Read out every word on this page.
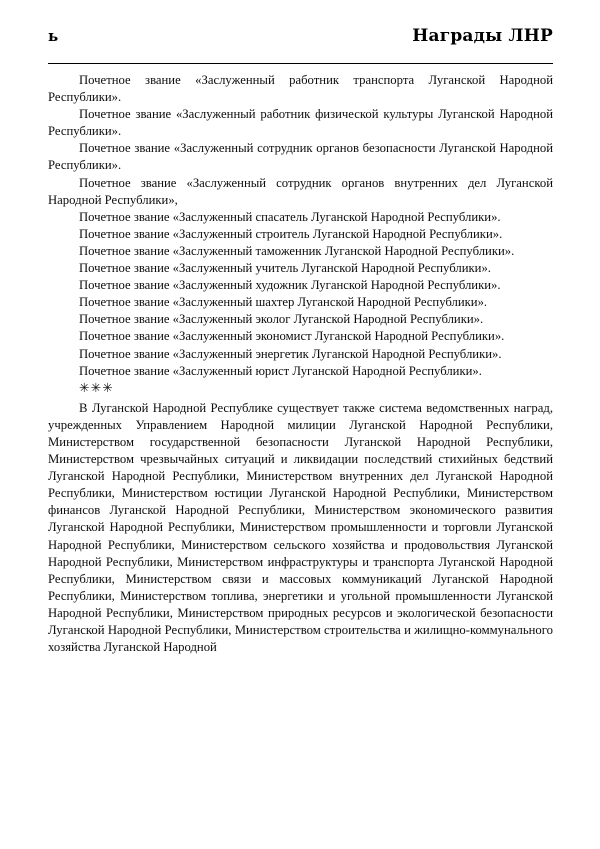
ь	Награды ЛНР

Почетное звание «Заслуженный работник транспорта Луганской Народной Республики».

Почетное звание «Заслуженный работник физической культуры Луганской Народной Республики».

Почетное звание «Заслуженный сотрудник органов безопасности Луганской Народной Республики».

Почетное звание «Заслуженный сотрудник органов внутренних дел Луганской Народной Республики»,

Почетное звание «Заслуженный спасатель Луганской Народной Республики».

Почетное звание «Заслуженный строитель Луганской Народной Республики».

Почетное звание «Заслуженный таможенник Луганской Народной Республики».

Почетное звание «Заслуженный учитель Луганской Народной Республики».

Почетное звание «Заслуженный художник Луганской Народной Республики».

Почетное звание «Заслуженный шахтер Луганской Народной Республики».

Почетное звание «Заслуженный эколог Луганской Народной Республики».

Почетное звание «Заслуженный экономист Луганской Народной Республики».

Почетное звание «Заслуженный энергетик Луганской Народной Республики».

Почетное звание «Заслуженный юрист Луганской Народной Республики».

✳✳✳

В Луганской Народной Республике существует также система ведомственных наград, учрежденных Управлением Народной милиции Луганской Народной Республики, Министерством государственной безопасности Луганской Народной Республики, Министерством чрезвычайных ситуаций и ликвидации последствий стихийных бедствий Луганской Народной Республики, Министерством внутренних дел Луганской Народной Республики, Министерством юстиции Луганской Народной Республики, Министерством финансов Луганской Народной Республики, Министерством экономического развития Луганской Народной Республики, Министерством промышленности и торговли Луганской Народной Республики, Министерством сельского хозяйства и продовольствия Луганской Народной Республики, Министерством инфраструктуры и транспорта Луганской Народной Республики, Министерством связи и массовых коммуникаций Луганской Народной Республики, Министерством топлива, энергетики и угольной промышленности Луганской Народной Республики, Министерством природных ресурсов и экологической безопасности Луганской Народной Республики, Министерством строительства и жилищно-коммунального хозяйства Луганской Народной
